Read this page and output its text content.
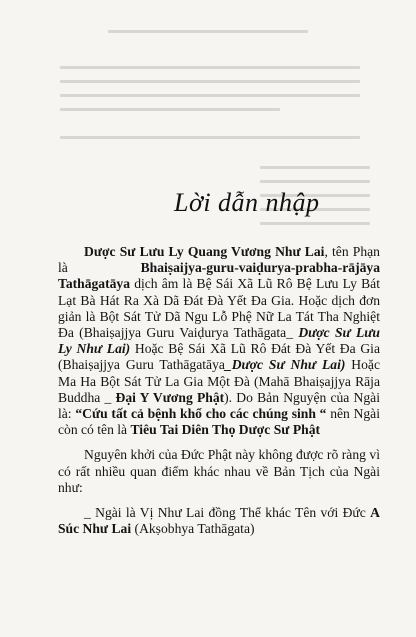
Lời dẫn nhập

Dược Sư Lưu Ly Quang Vương Như Lai, tên Phạn là Bhaiṣaijya-guru-vaiḍurya-prabha-rājāya Tathāgatāya dịch âm là Bệ Sái Xã Lũ Rô Bệ Lưu Ly Bát Lạt Bà Hát Ra Xà Dã Đát Đà Yết Đa Gia. Hoặc dịch đơn giản là Bột Sát Tử Dã Ngu Lỗ Phệ Nữ La Tát Tha Nghiệt Đa (Bhaiṣajjya Guru Vaiḍurya Tathāgata_ Dược Sư Lưu Ly Như Lai) Hoặc Bệ Sái Xã Lũ Rô Đát Đà Yết Đa Gia (Bhaiṣajjya Guru Tathāgatāya_Dược Sư Như Lai) Hoặc Ma Ha Bột Sát Tử La Gia Một Đà (Mahā Bhaiṣajjya Rāja Buddha _ Đại Y Vương Phật). Do Bản Nguyện của Ngài là: “Cứu tất cả bệnh khổ cho các chúng sinh “ nên Ngài còn có tên là Tiêu Tai Diên Thọ Dược Sư Phật

Nguyên khởi của Đức Phật này không được rõ ràng vì có rất nhiều quan điểm khác nhau về Bản Tịch của Ngài như:

_ Ngài là Vị Như Lai đồng Thể khác Tên với Đức A Súc Như Lai (Akṣobhya Tathāgata)
